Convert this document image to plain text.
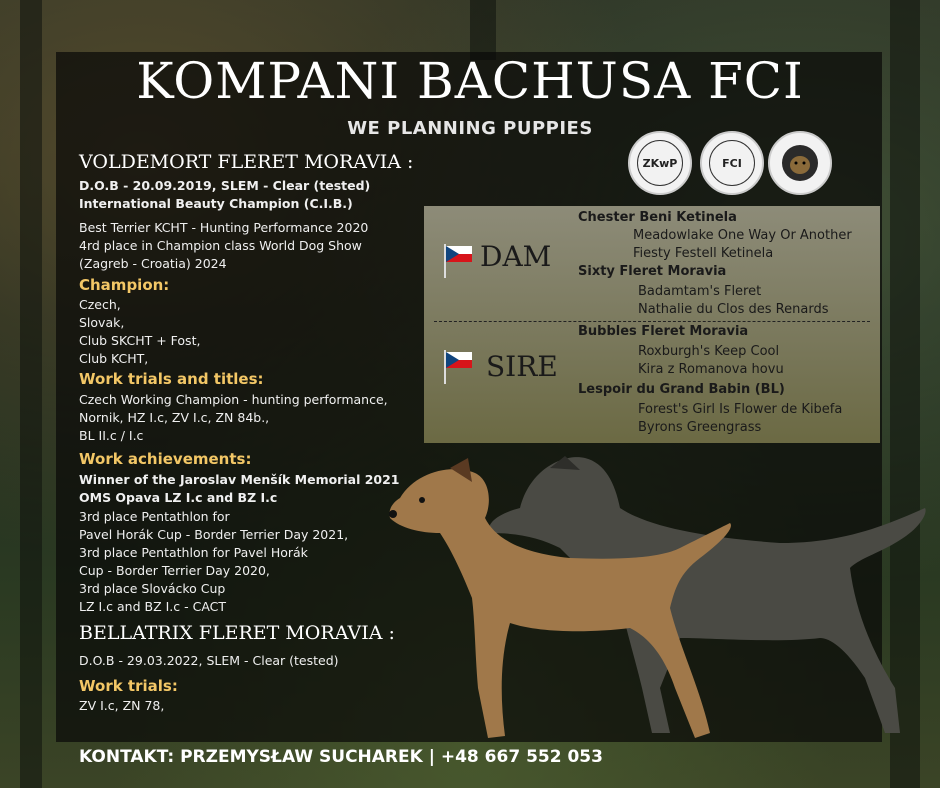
KOMPANI BACHUSA FCI
WE PLANNING PUPPIES
ZKwP	FCI
VOLDEMORT FLERET MORAVIA :
D.O.B - 20.09.2019, SLEM - Clear (tested)
International Beauty Champion (C.I.B.)
Best Terrier KCHT - Hunting Performance 2020
4rd place in Champion class World Dog Show
(Zagreb - Croatia) 2024
Champion:
Czech,
Slovak,
Club SKCHT + Fost,
Club KCHT,
Work trials and titles:
Czech Working Champion - hunting performance,
Nornik, HZ I.c, ZV I.c, ZN 84b.,
BL II.c / I.c
Work achievements:
Winner of the Jaroslav Menšík Memorial 2021
OMS Opava LZ I.c and BZ I.c
3rd place Pentathlon for
Pavel Horák Cup - Border Terrier Day 2021,
3rd place Pentathlon for Pavel Horák
Cup - Border Terrier Day 2020,
3rd place Slovácko Cup
LZ I.c and BZ I.c - CACT
BELLATRIX FLERET MORAVIA :
D.O.B - 29.03.2022, SLEM - Clear (tested)
Work trials:
ZV I.c, ZN 78,
DAM
Chester Beni Ketinela
Meadowlake One Way Or Another
Fiesty Festell Ketinela
Sixty Fleret Moravia
Badamtam's Fleret
Nathalie du Clos des Renards
SIRE
Bubbles Fleret Moravia
Roxburgh's Keep Cool
Kira z Romanova hovu
Lespoir du Grand Babin (BL)
Forest's Girl Is Flower de Kibefa
Byrons Greengrass
KONTAKT: PRZEMYSŁAW SUCHAREK | +48 667 552 053
